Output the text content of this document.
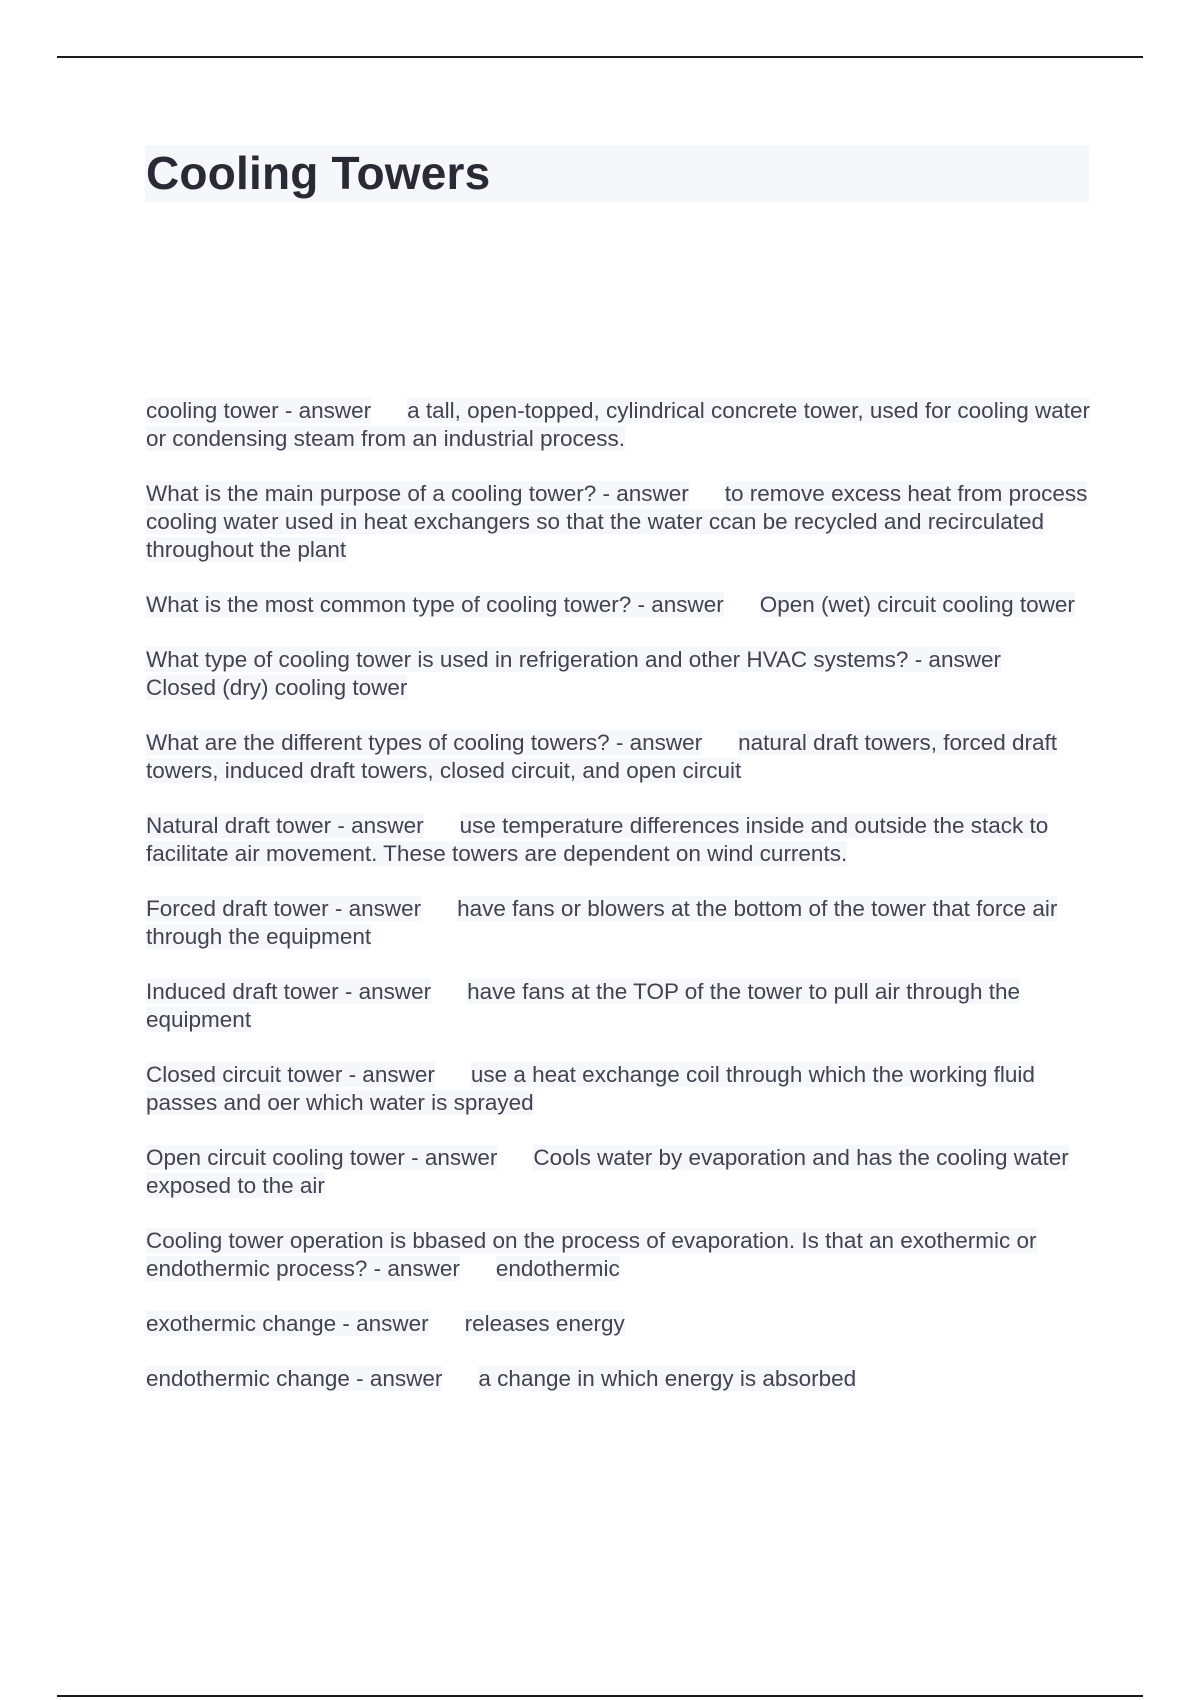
Cooling Towers
cooling tower - answer a tall, open-topped, cylindrical concrete tower, used for cooling water or condensing steam from an industrial process.
What is the main purpose of a cooling tower? - answer to remove excess heat from process cooling water used in heat exchangers so that the water ccan be recycled and recirculated throughout the plant
What is the most common type of cooling tower? - answer Open (wet) circuit cooling tower
What type of cooling tower is used in refrigeration and other HVAC systems? - answerClosed (dry) cooling tower
What are the different types of cooling towers? - answer natural draft towers, forced draft towers, induced draft towers, closed circuit, and open circuit
Natural draft tower - answer use temperature differences inside and outside the stack to facilitate air movement. These towers are dependent on wind currents.
Forced draft tower - answer have fans or blowers at the bottom of the tower that force air through the equipment
Induced draft tower - answer have fans at the TOP of the tower to pull air through the equipment
Closed circuit tower - answer use a heat exchange coil through which the working fluid passes and oer which water is sprayed
Open circuit cooling tower - answer Cools water by evaporation and has the cooling water exposed to the air
Cooling tower operation is bbased on the process of evaporation. Is that an exothermic or endothermic process? - answer endothermic
exothermic change - answer releases energy
endothermic change - answer a change in which energy is absorbed
